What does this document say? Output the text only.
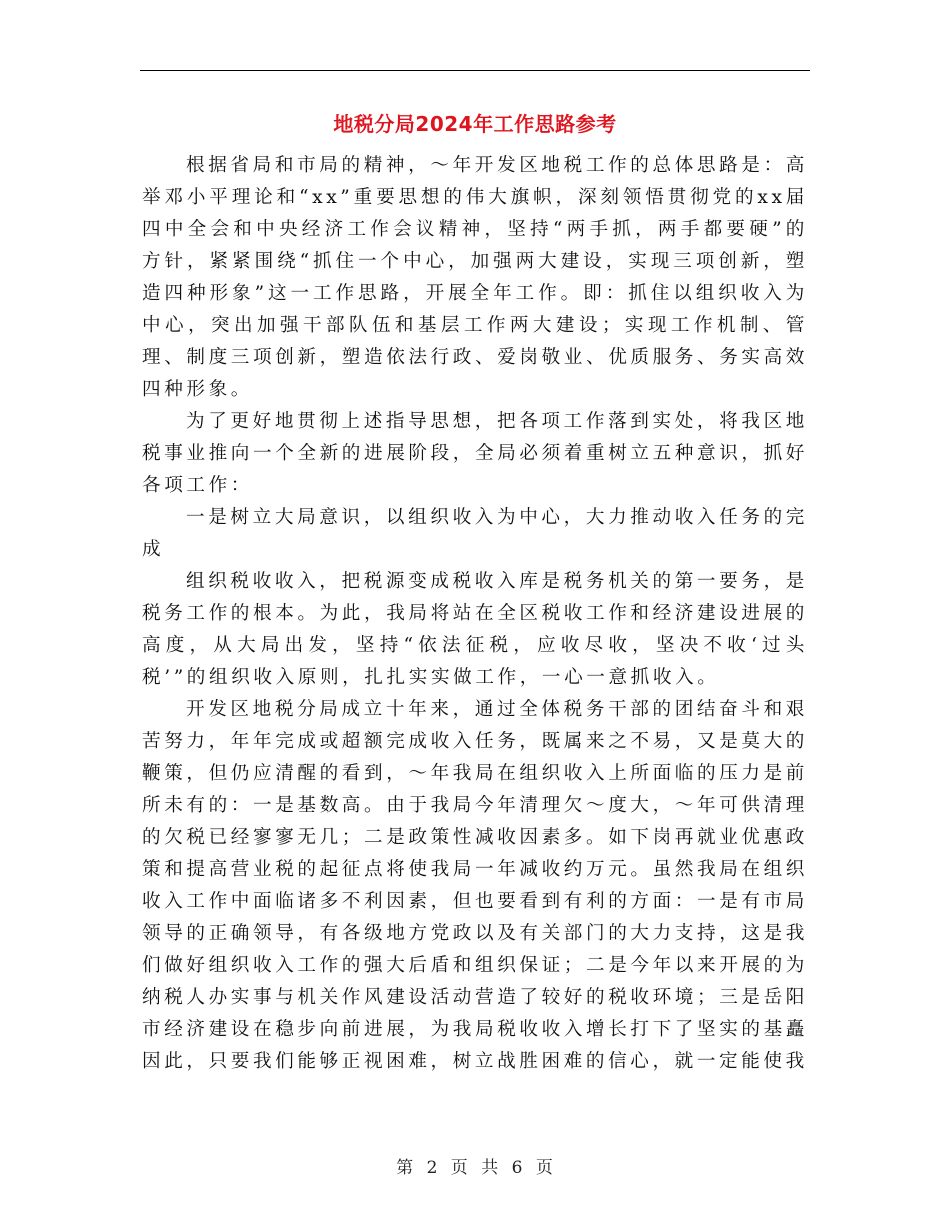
地税分局2024年工作思路参考

根据省局和市局的精神，～年开发区地税工作的总体思路是：高举邓小平理论和“xx”重要思想的伟大旗帜，深刻领悟贯彻党的xx届四中全会和中央经济工作会议精神，坚持“两手抓，两手都要硬”的方针，紧紧围绕“抓住一个中心，加强两大建设，实现三项创新，塑造四种形象”这一工作思路，开展全年工作。即：抓住以组织收入为中心，突出加强干部队伍和基层工作两大建设；实现工作机制、管理、制度三项创新，塑造依法行政、爱岗敬业、优质服务、务实高效四种形象。

为了更好地贯彻上述指导思想，把各项工作落到实处，将我区地税事业推向一个全新的进展阶段，全局必须着重树立五种意识，抓好各项工作：

一是树立大局意识，以组织收入为中心，大力推动收入任务的完成

组织税收收入，把税源变成税收入库是税务机关的第一要务，是税务工作的根本。为此，我局将站在全区税收工作和经济建设进展的高度，从大局出发，坚持“依法征税，应收尽收，坚决不收‘过头税’”的组织收入原则，扎扎实实做工作，一心一意抓收入。

开发区地税分局成立十年来，通过全体税务干部的团结奋斗和艰苦努力，年年完成或超额完成收入任务，既属来之不易，又是莫大的鞭策，但仍应清醒的看到，～年我局在组织收入上所面临的压力是前所未有的：一是基数高。由于我局今年清理欠～度大，～年可供清理的欠税已经寥寥无几；二是政策性减收因素多。如下岗再就业优惠政策和提高营业税的起征点将使我局一年减收约万元。虽然我局在组织收入工作中面临诸多不利因素，但也要看到有利的方面：一是有市局领导的正确领导，有各级地方党政以及有关部门的大力支持，这是我们做好组织收入工作的强大后盾和组织保证；二是今年以来开展的为纳税人办实事与机关作风建设活动营造了较好的税收环境；三是岳阳市经济建设在稳步向前进展，为我局税收收入增长打下了坚实的基矗因此，只要我们能够正视困难，树立战胜困难的信心，就一定能使我

第 2 页 共 6 页
